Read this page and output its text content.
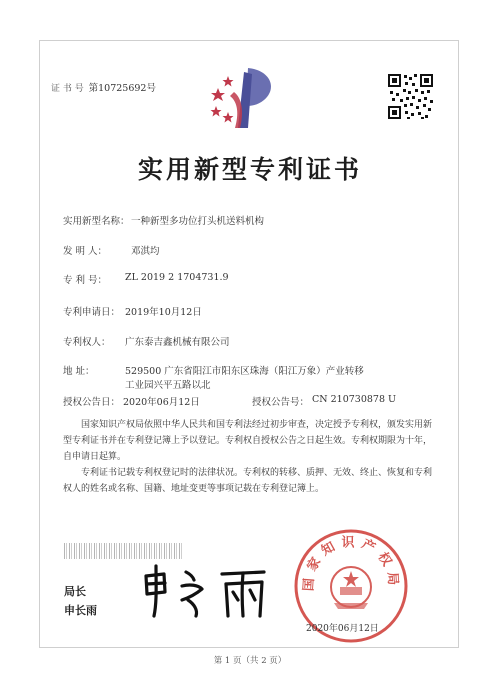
证 书 号 第10725692号
实用新型专利证书
实用新型名称： 一种新型多功位打头机送料机构
发 明 人：	邓淇均
专 利 号： ZL 2019 2 1704731.9
专利申请日： 2019年10月12日
专利权人： 广东泰吉鑫机械有限公司
地 址：	529500 广东省阳江市阳东区珠海（阳江万象）产业转移
工业园兴平五路以北
授权公告日： 2020年06月12日	授权公告号： CN 210730878 U
国家知识产权局依照中华人民共和国专利法经过初步审查，决定授予专利权，颁发实用新型专利证书并在专利登记簿上予以登记。专利权自授权公告之日起生效。专利权期限为十年，自申请日起算。
专利证书记载专利权登记时的法律状况。专利权的转移、质押、无效、终止、恢复和专利权人的姓名或名称、国籍、地址变更等事项记载在专利登记簿上。
局长
申长雨
国家知识产权局
2020年06月12日
第 1 页（共 2 页）
